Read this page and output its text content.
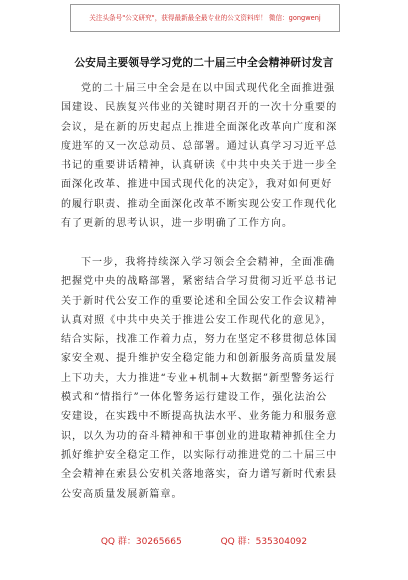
关注头条号"公文研究"，获得最新最全最专业的公文资料库！ 微信：gongwenj
公安局主要领导学习党的二十届三中全会精神研讨发言
党的二十届三中全会是在以中国式现代化全面推进强
国建设、民族复兴伟业的关键时期召开的一次十分重要的
会议，是在新的历史起点上推进全面深化改革向广度和深
度进军的又一次总动员、总部署。通过认真学习习近平总
书记的重要讲话精神，认真研读《中共中央关于进一步全
面深化改革、推进中国式现代化的决定》，我对如何更好
的履行职责、推动全面深化改革不断实现公安工作现代化
有了更新的思考认识，进一步明确了工作方向。
下一步，我将持续深入学习领会全会精神，全面准确
把握党中央的战略部署，紧密结合学习贯彻习近平总书记
关于新时代公安工作的重要论述和全国公安工作会议精神
认真对照《中共中央关于推进公安工作现代化的意见》，
结合实际，找准工作着力点，努力在坚定不移贯彻总体国
家安全观、提升维护安全稳定能力和创新服务高质量发展
上下功夫，大力推进“专业+机制+大数据”新型警务运行
模式和“情指行”一体化警务运行建设工作，强化法治公
安建设，在实践中不断提高执法水平、业务能力和服务意
识，以久为功的奋斗精神和干事创业的进取精神抓住全力
抓好维护安全稳定工作，以实际行动推进党的二十届三中
全会精神在索县公安机关落地落实，奋力谱写新时代索县
公安高质量发展新篇章。
QQ 群：30265665	QQ 群：535304092
